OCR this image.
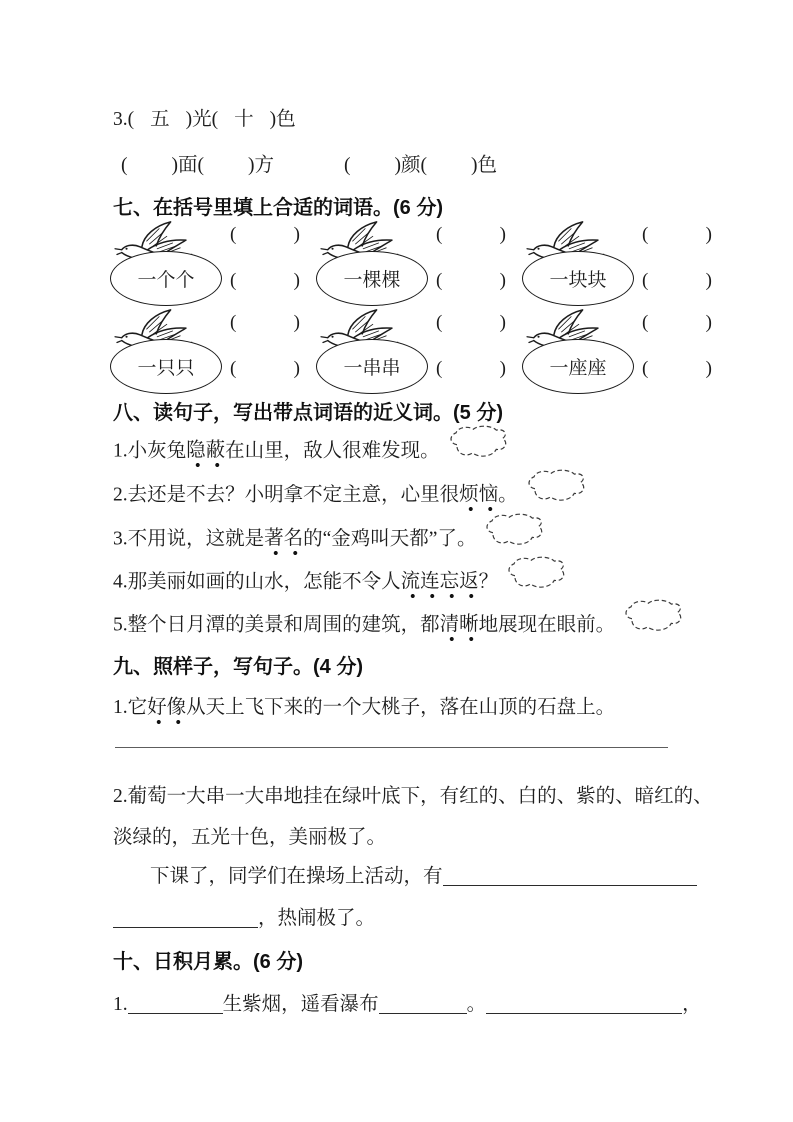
3.( 五 )光( 十 )色
( )面( )方	( )颜( )色
七、在括号里填上合适的词语。(6 分)
一个个
(	)
(	) 一棵棵
(	)
(	) 一块块
(	)
(	)
一只只
(	)
(	) 一串串
(	)
(	) 一座座
(	)
(	)
八、读句子，写出带点词语的近义词。(5 分)
1.小灰兔隐蔽在山里，敌人很难发现。
2.去还是不去？小明拿不定主意，心里很烦恼。
3.不用说，这就是著名的“金鸡叫天都”了。
4.那美丽如画的山水，怎能不令人流连忘返？
5.整个日月潭的美景和周围的建筑，都清晰地展现在眼前。
九、照样子，写句子。(4 分)
1.它好像从天上飞下来的一个大桃子，落在山顶的石盘上。
2.葡萄一大串一大串地挂在绿叶底下，有红的、白的、紫的、暗红的、
淡绿的，五光十色，美丽极了。
下课了，同学们在操场上活动，有
，热闹极了。
十、日积月累。(6 分)
1.	生紫烟，遥看瀑布	。	，
